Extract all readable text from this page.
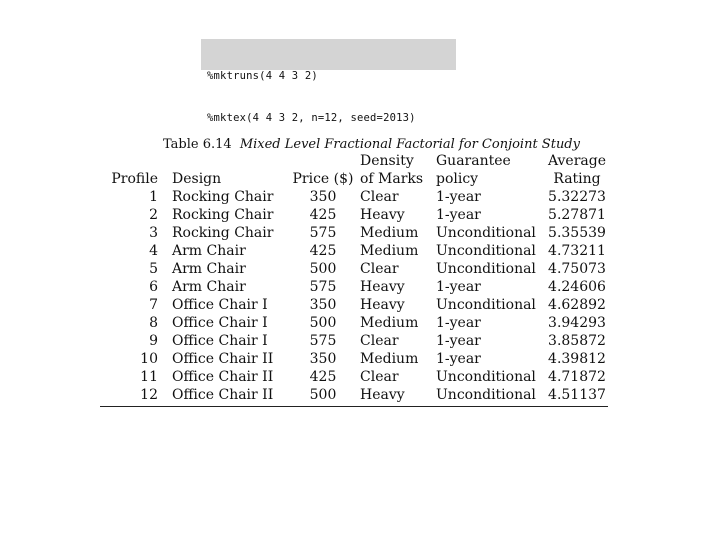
%mktruns(4 4 3 2)

%mktex(4 4 3 2, n=12, seed=2013)

Table 6.14 Mixed Level Fractional Factorial for Conjoint Study
			Density	Guarantee	Average
Profile	Design	Price ($)	of Marks	policy	Rating
1	Rocking Chair	350	Clear	1-year	5.32273
2	Rocking Chair	425	Heavy	1-year	5.27871
3	Rocking Chair	575	Medium	Unconditional	5.35539
4	Arm Chair	425	Medium	Unconditional	4.73211
5	Arm Chair	500	Clear	Unconditional	4.75073
6	Arm Chair	575	Heavy	1-year	4.24606
7	Office Chair I	350	Heavy	Unconditional	4.62892
8	Office Chair I	500	Medium	1-year	3.94293
9	Office Chair I	575	Clear	1-year	3.85872
10	Office Chair II	350	Medium	1-year	4.39812
11	Office Chair II	425	Clear	Unconditional	4.71872
12	Office Chair II	500	Heavy	Unconditional	4.51137
